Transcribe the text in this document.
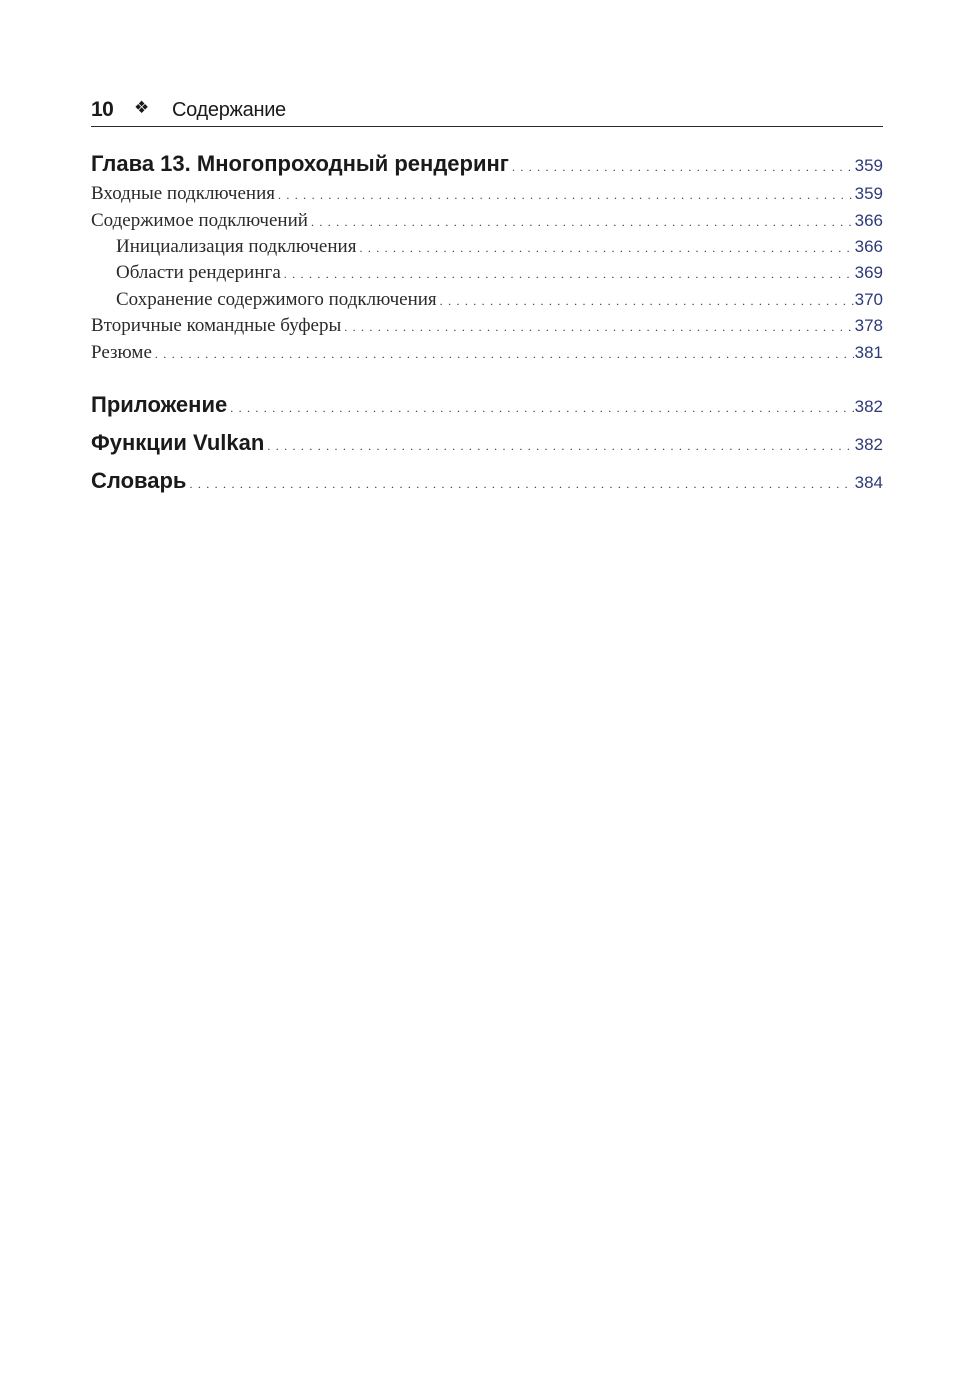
10 ❖ Содержание
Глава 13. Многопроходный рендеринг . . .	359
Входные подключения . . .	359
Содержимое подключений . . .	366
Инициализация подключения . . .	366
Области рендеринга . . .	369
Сохранение содержимого подключения . . .	370
Вторичные командные буферы . . .	378
Резюме . . .	381
Приложение . . .	382
Функции Vulkan . . .	382
Словарь . . .	384
